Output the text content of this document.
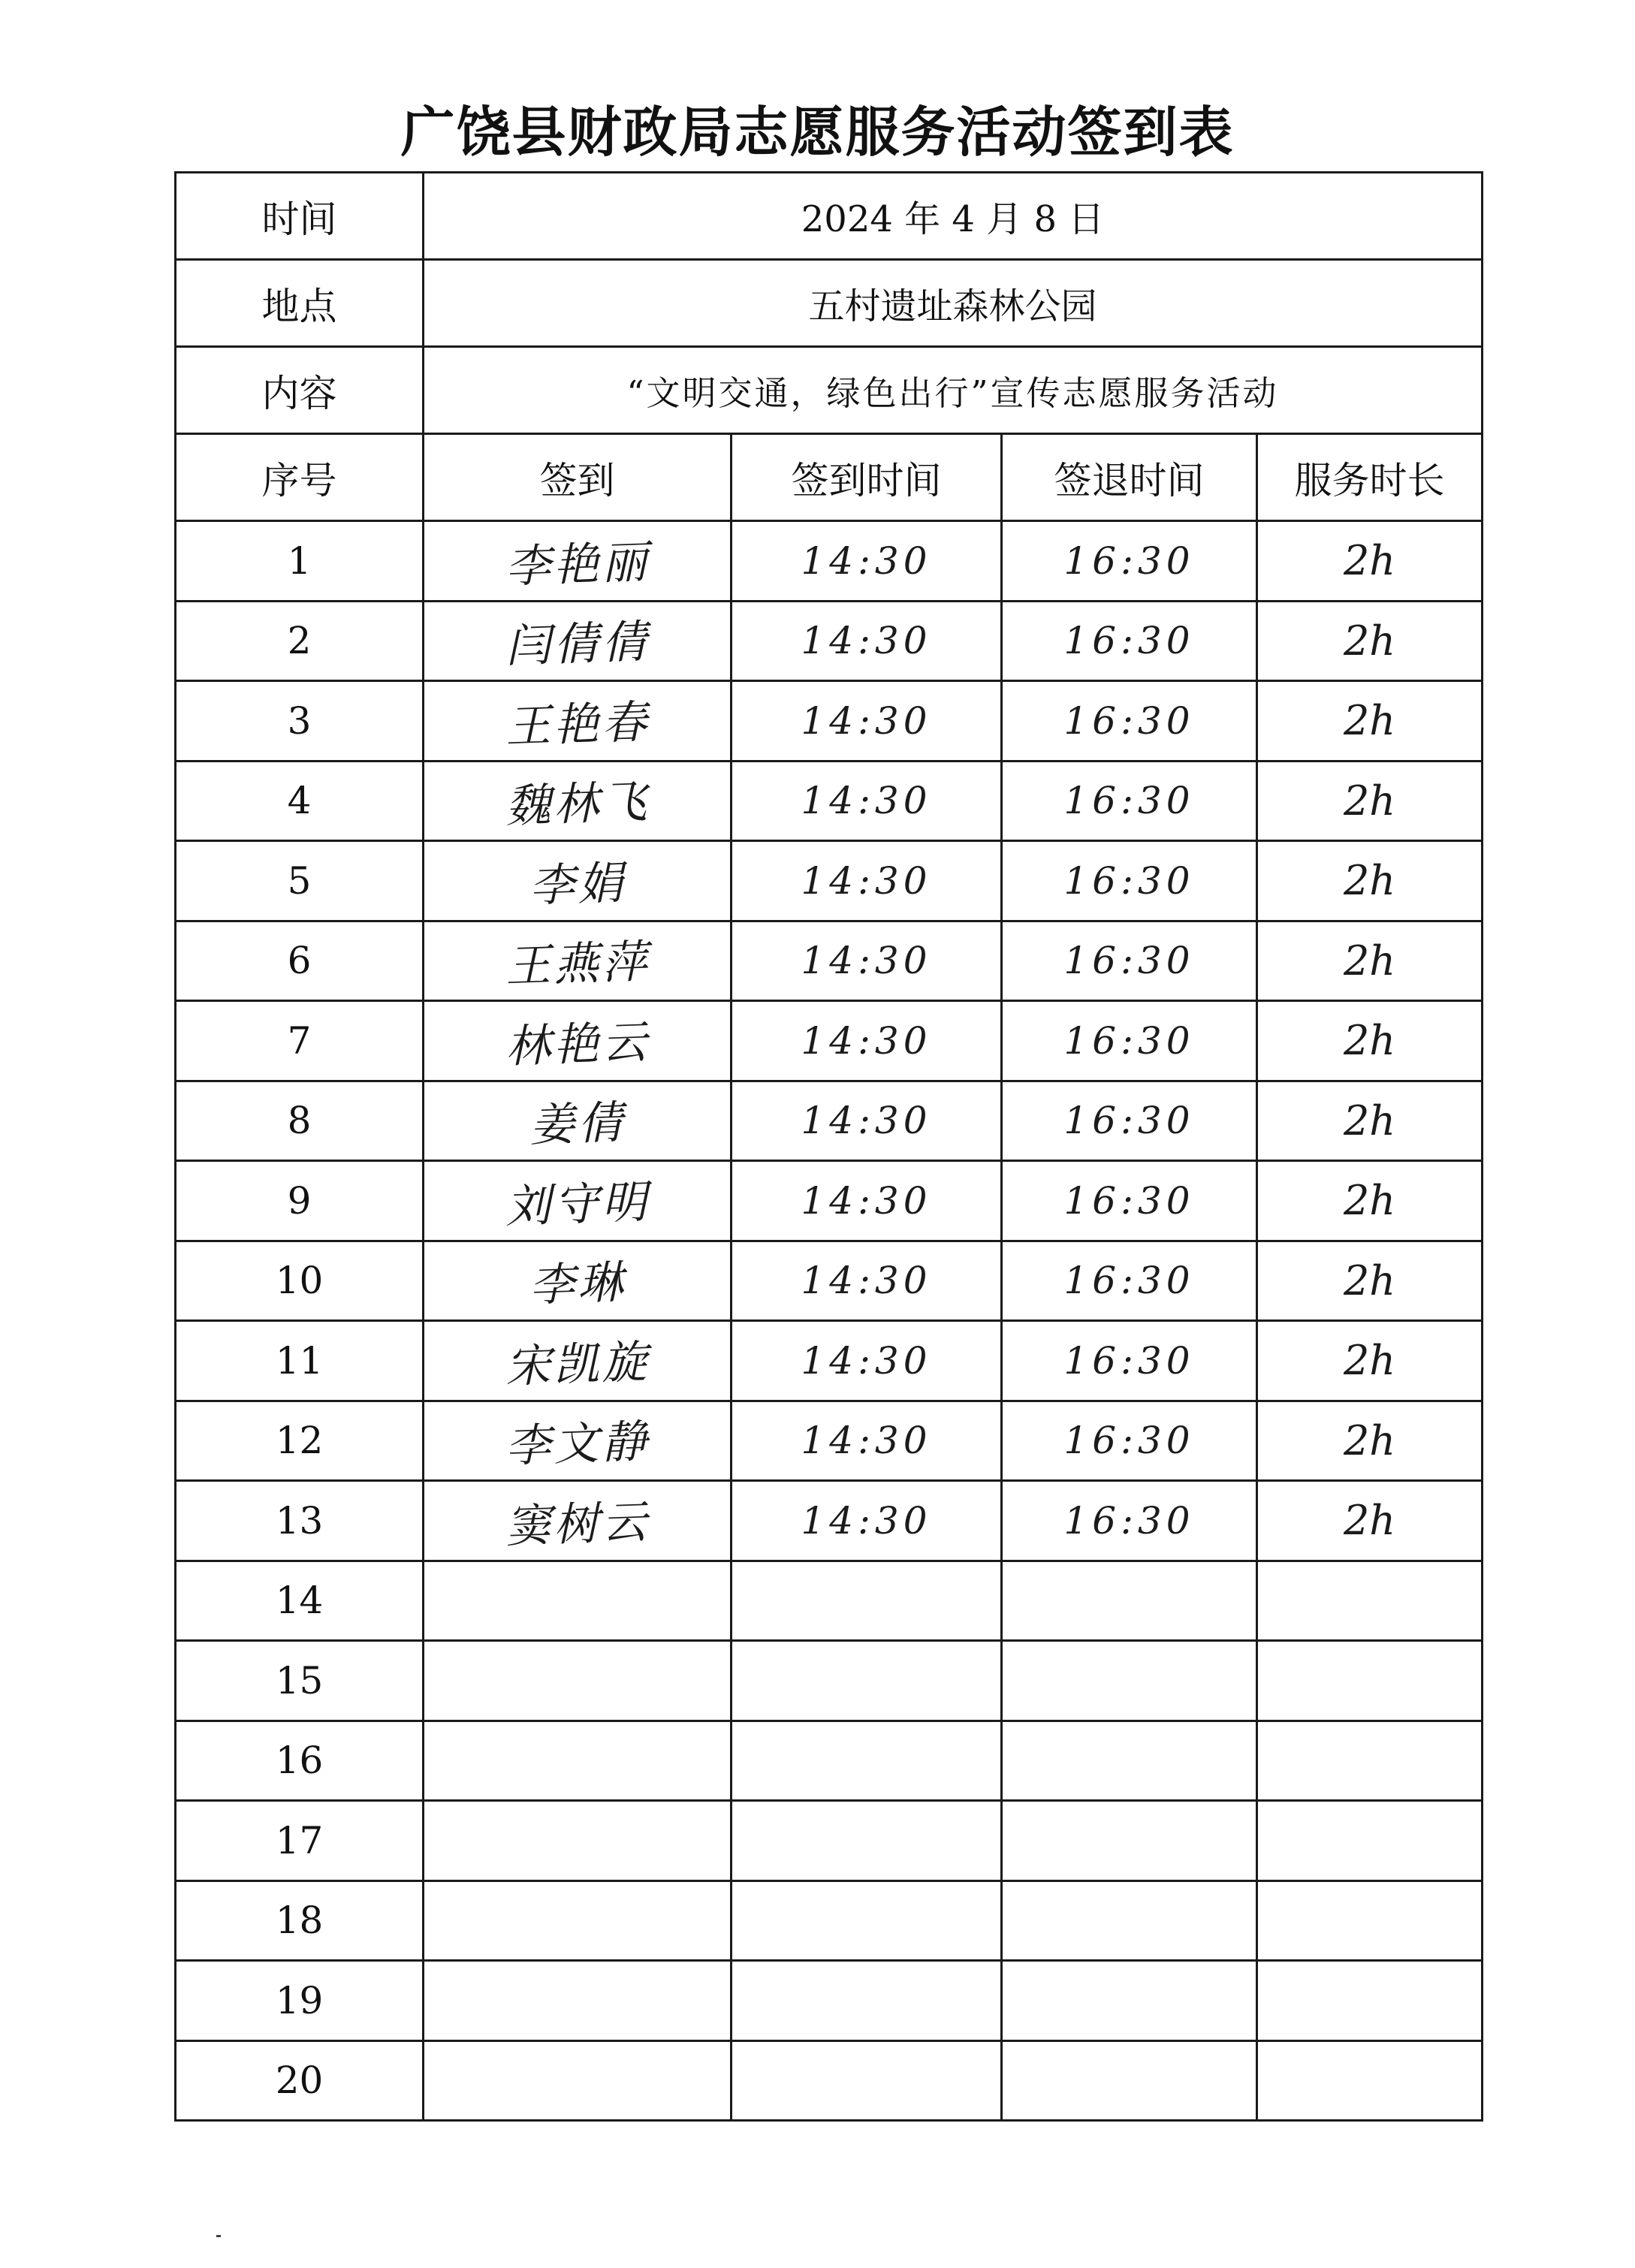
广饶县财政局志愿服务活动签到表
时间	2024 年 4 月 8 日			
地点	五村遗址森林公园			
内容	“文明交通，绿色出行”宣传志愿服务活动			
序号	签到	签到时间	签退时间	服务时长
1	李艳丽	14:30	16:30	2h
2	闫倩倩	14:30	16:30	2h
3	王艳春	14:30	16:30	2h
4	魏林飞	14:30	16:30	2h
5	李娟	14:30	16:30	2h
6	王燕萍	14:30	16:30	2h
7	林艳云	14:30	16:30	2h
8	姜倩	14:30	16:30	2h
9	刘守明	14:30	16:30	2h
10	李琳	14:30	16:30	2h
11	宋凯旋	14:30	16:30	2h
12	李文静	14:30	16:30	2h
13	窦树云	14:30	16:30	2h
14				
15				
16				
17				
18				
19				
20				
